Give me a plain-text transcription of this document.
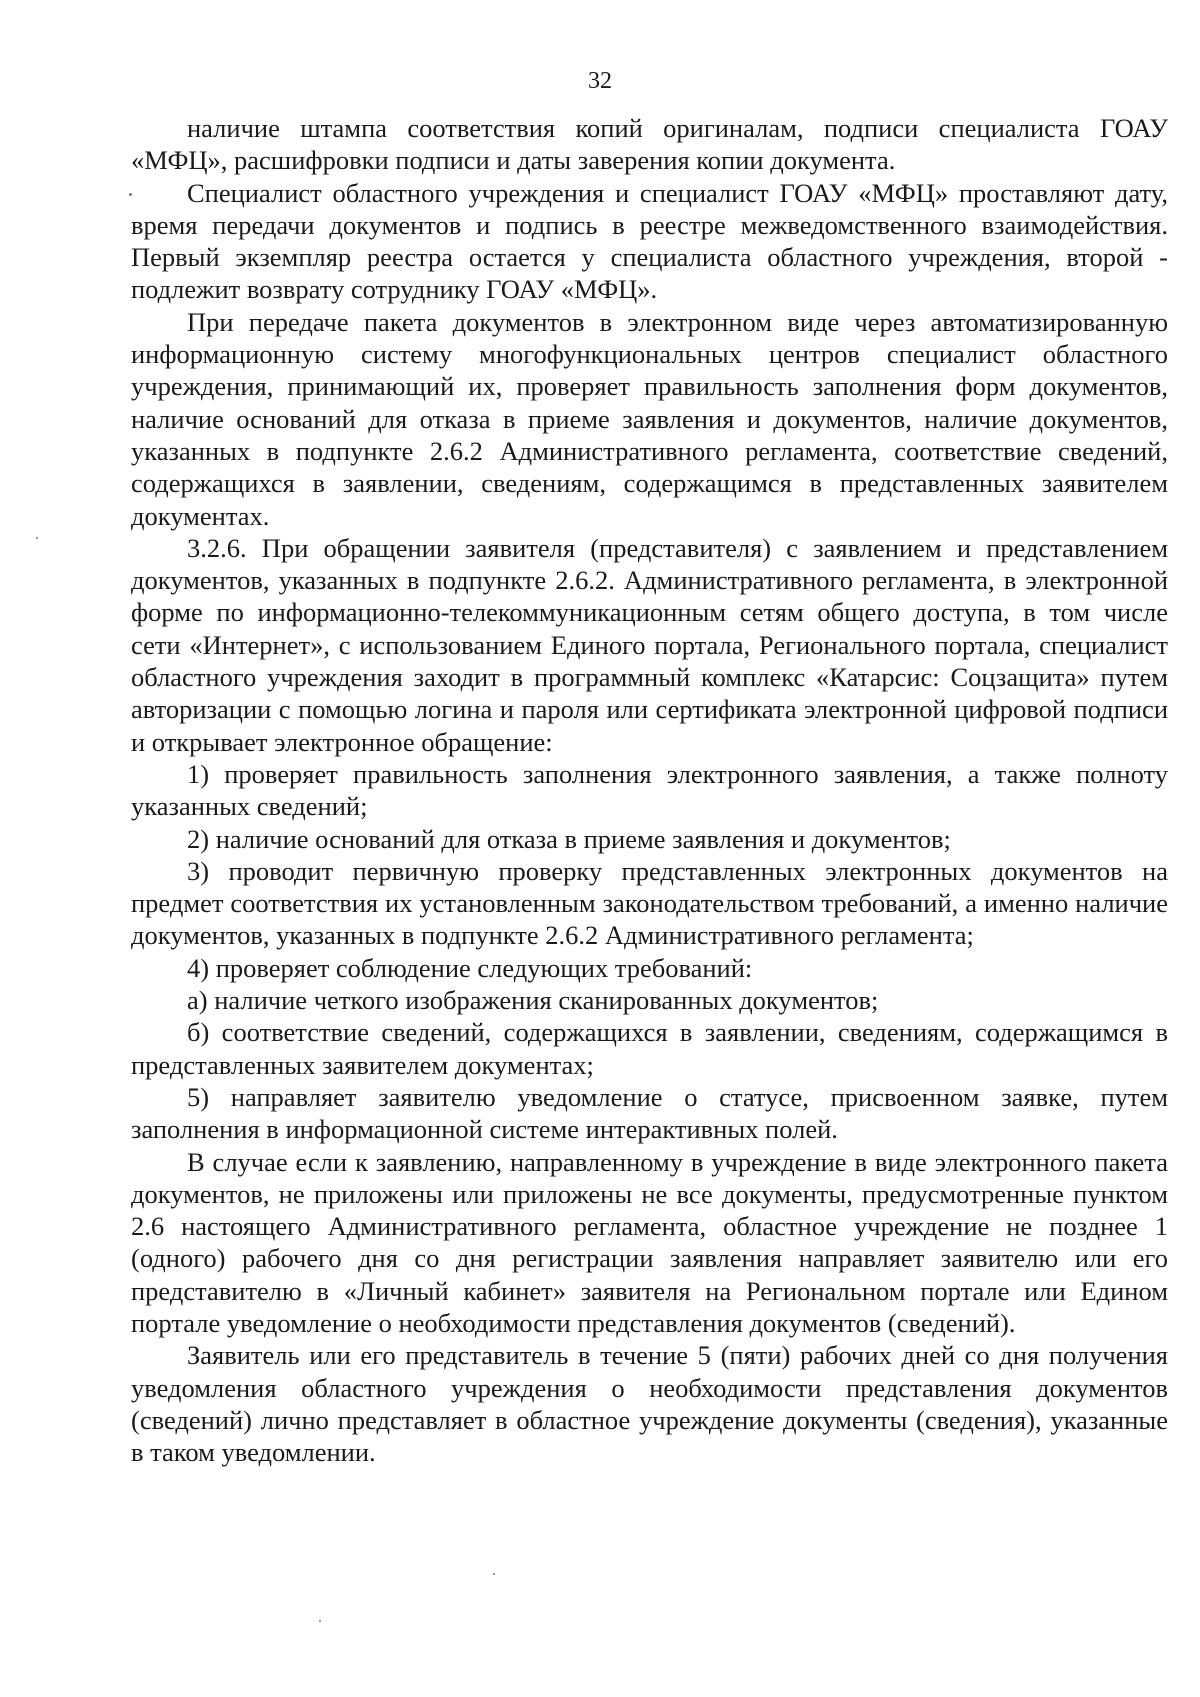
32

наличие штампа соответствия копий оригиналам, подписи специалиста ГОАУ «МФЦ», расшифровки подписи и даты заверения копии документа.

Специалист областного учреждения и специалист ГОАУ «МФЦ» проставляют дату, время передачи документов и подпись в реестре межведомственного взаимодействия. Первый экземпляр реестра остается у специалиста областного учреждения, второй - подлежит возврату сотруднику ГОАУ «МФЦ».

При передаче пакета документов в электронном виде через автоматизированную информационную систему многофункциональных центров специалист областного учреждения, принимающий их, проверяет правильность заполнения форм документов, наличие оснований для отказа в приеме заявления и документов, наличие документов, указанных в подпункте 2.6.2 Административного регламента, соответствие сведений, содержащихся в заявлении, сведениям, содержащимся в представленных заявителем документах.

3.2.6. При обращении заявителя (представителя) с заявлением и представлением документов, указанных в подпункте 2.6.2. Административного регламента, в электронной форме по информационно-телекоммуникационным сетям общего доступа, в том числе сети «Интернет», с использованием Единого портала, Регионального портала, специалист областного учреждения заходит в программный комплекс «Катарсис: Соцзащита» путем авторизации с помощью логина и пароля или сертификата электронной цифровой подписи и открывает электронное обращение:

1) проверяет правильность заполнения электронного заявления, а также полноту указанных сведений;

2) наличие оснований для отказа в приеме заявления и документов;

3) проводит первичную проверку представленных электронных документов на предмет соответствия их установленным законодательством требований, а именно наличие документов, указанных в подпункте 2.6.2 Административного регламента;

4) проверяет соблюдение следующих требований:

а) наличие четкого изображения сканированных документов;

б) соответствие сведений, содержащихся в заявлении, сведениям, содержащимся в представленных заявителем документах;

5) направляет заявителю уведомление о статусе, присвоенном заявке, путем заполнения в информационной системе интерактивных полей.

В случае если к заявлению, направленному в учреждение в виде электронного пакета документов, не приложены или приложены не все документы, предусмотренные пунктом 2.6 настоящего Административного регламента, областное учреждение не позднее 1 (одного) рабочего дня со дня регистрации заявления направляет заявителю или его представителю в «Личный кабинет» заявителя на Региональном портале или Едином портале уведомление о необходимости представления документов (сведений).

Заявитель или его представитель в течение 5 (пяти) рабочих дней со дня получения уведомления областного учреждения о необходимости представления документов (сведений) лично представляет в областное учреждение документы (сведения), указанные в таком уведомлении.
